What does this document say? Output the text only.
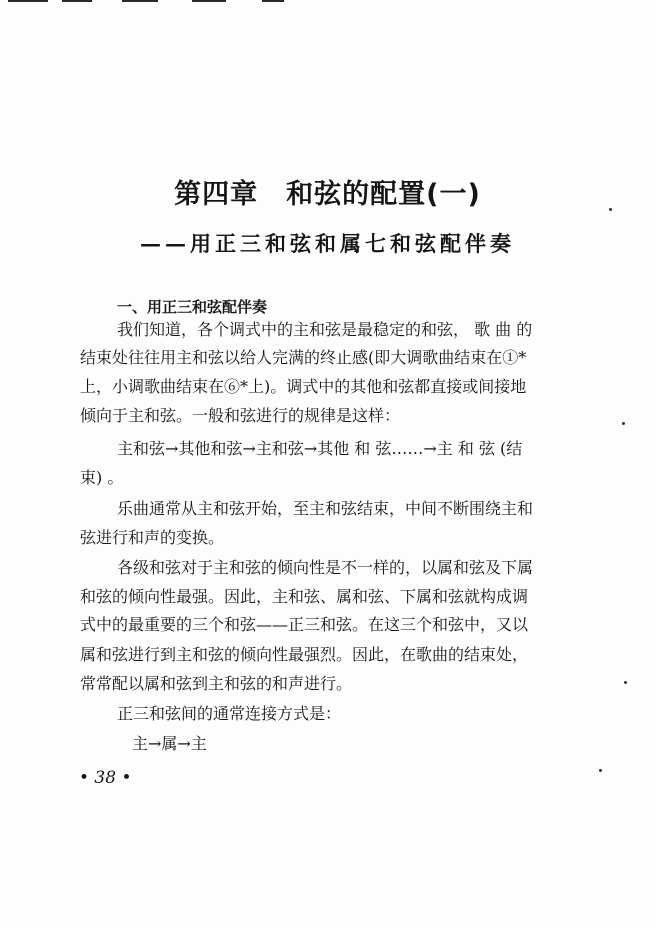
第四章　和弦的配置(一)
——用正三和弦和属七和弦配伴奏
一、用正三和弦配伴奏

我们知道，各个调式中的主和弦是最稳定的和弦， 歌 曲 的

结束处往往用主和弦以给人完满的终止感(即大调歌曲结束在①*

上，小调歌曲结束在⑥*上)。调式中的其他和弦都直接或间接地

倾向于主和弦。一般和弦进行的规律是这样：

主和弦→其他和弦→主和弦→其他 和 弦……→主 和 弦 (结

束) 。

乐曲通常从主和弦开始，至主和弦结束，中间不断围绕主和

弦进行和声的变换。

各级和弦对于主和弦的倾向性是不一样的，以属和弦及下属

和弦的倾向性最强。因此，主和弦、属和弦、下属和弦就构成调

式中的最重要的三个和弦——正三和弦。在这三个和弦中，又以

属和弦进行到主和弦的倾向性最强烈。因此，在歌曲的结束处，

常常配以属和弦到主和弦的和声进行。

正三和弦间的通常连接方式是：

主→属→主

• 38 •
